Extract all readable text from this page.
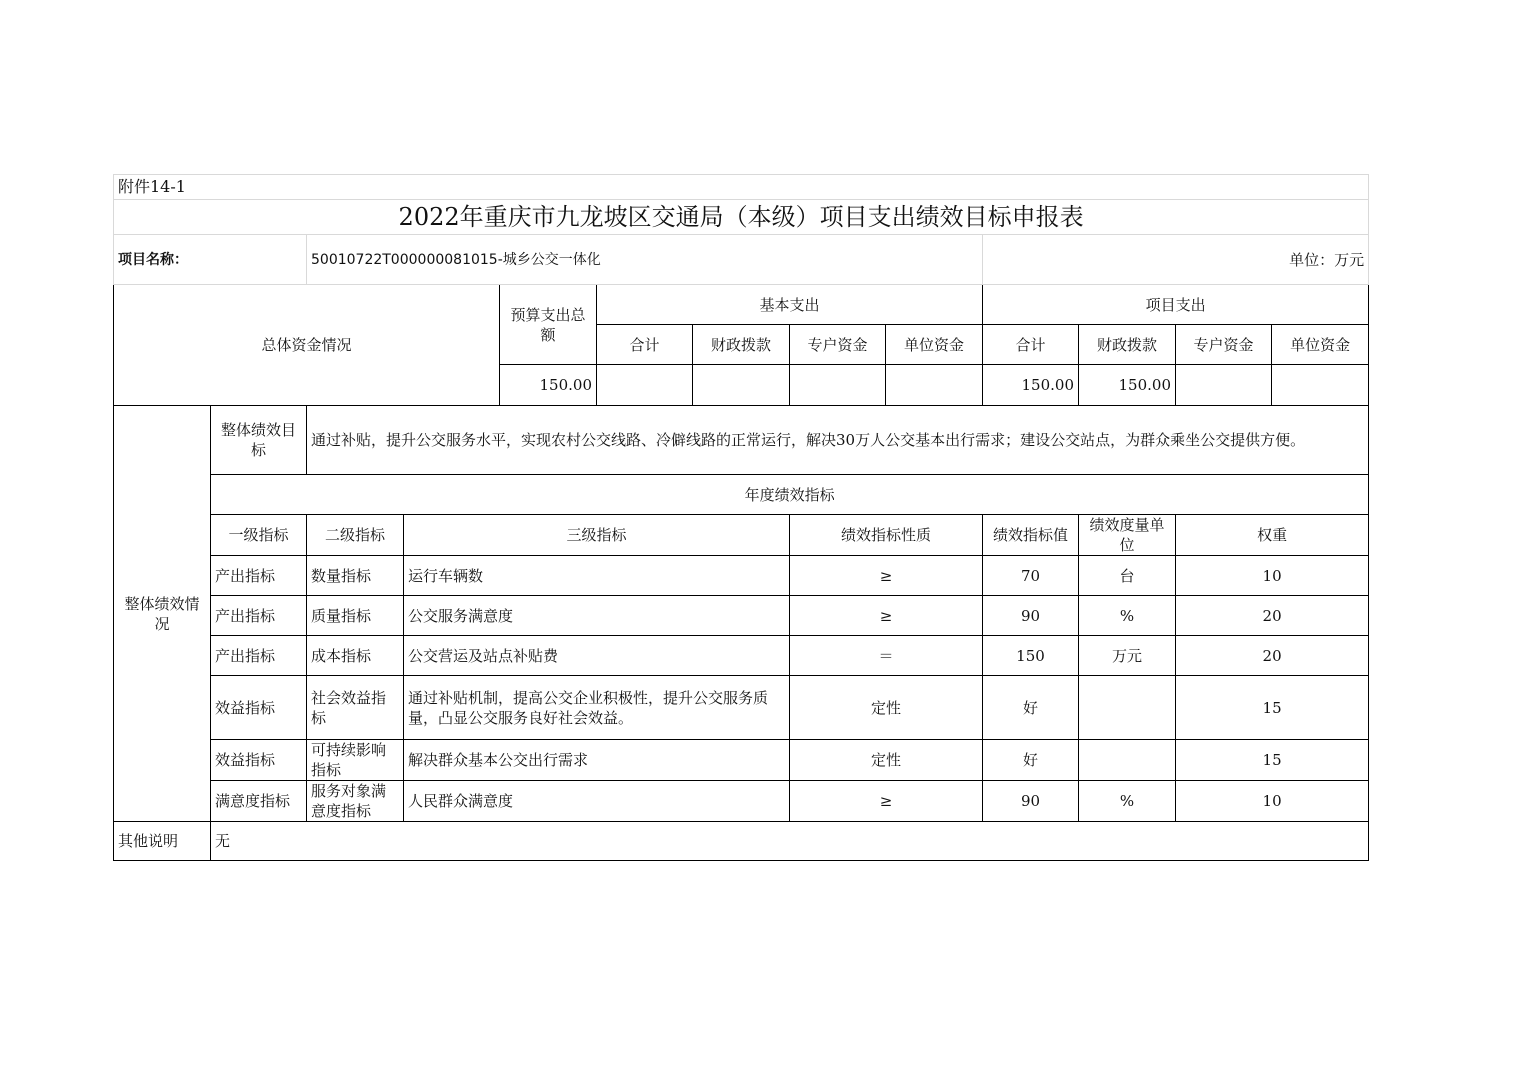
附件14-1												
2022年重庆市九龙坡区交通局（本级）项目支出绩效目标申报表												
项目名称：		50010722T000000081015-城乡公交一体化							单位：万元			
总体资金情况				预算支出总额	基本支出				项目支出			
					合计	财政拨款	专户资金	单位资金	合计	财政拨款	专户资金	单位资金
				150.00					150.00	150.00		
整体绩效情况	整体绩效目标	通过补贴，提升公交服务水平，实现农村公交线路、冷僻线路的正常运行，解决30万人公交基本出行需求；建设公交站点，为群众乘坐公交提供方便。										
	年度绩效指标											
	一级指标	二级指标	三级指标				绩效指标性质		绩效指标值	绩效度量单位	权重	
	产出指标	数量指标	运行车辆数				≥		70	台	10	
	产出指标	质量指标	公交服务满意度				≥		90	%	20	
	产出指标	成本指标	公交营运及站点补贴费				＝		150	万元	20	
	效益指标	社会效益指标	通过补贴机制，提高公交企业积极性，提升公交服务质量，凸显公交服务良好社会效益。				定性		好		15	
	效益指标	可持续影响指标	解决群众基本公交出行需求				定性		好		15	
	满意度指标	服务对象满意度指标	人民群众满意度				≥		90	%	10	
其他说明	无											
